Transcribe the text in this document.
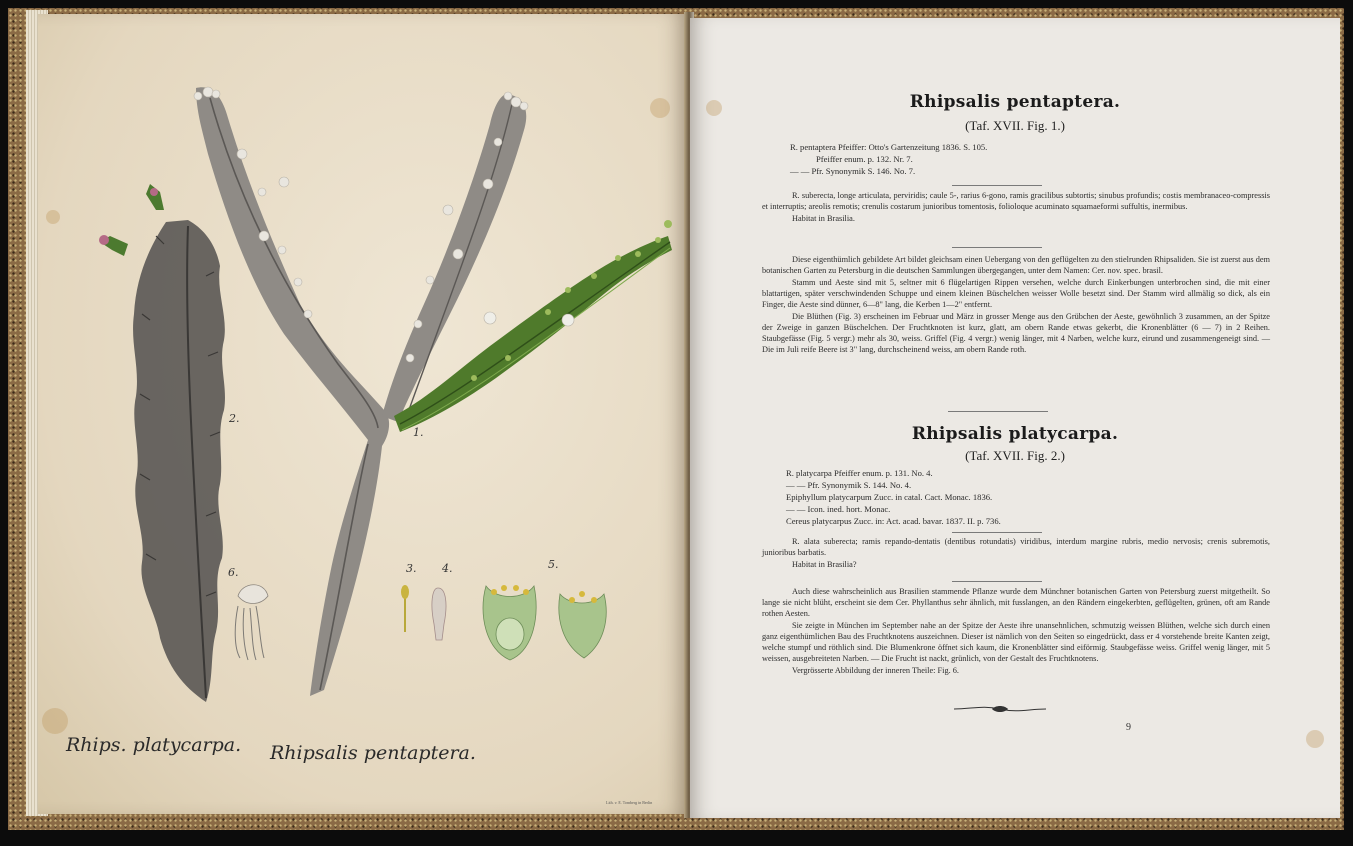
2.
1.
3. 4.	5.
6.
Rhips. platycarpa. Rhipsalis pentaptera.
Lith. v. E. Tomberg in Berlin
Rhipsalis pentaptera.
(Taf. XVII. Fig. 1.)
R. pentaptera Pfeiffer: Otto's Gartenzeitung 1836. S. 105.
Pfeiffer enum. p. 132. Nr. 7.
— — Pfr. Synonymik S. 146. No. 7.

R. suberecta, longe articulata, perviridis; caule 5-, rarius 6-gono, ramis gracilibus subtortis; sinubus profundis; costis membranaceo-compressis et interruptis; areolis remotis; crenulis costarum junioribus tomentosis, folioloque acuminato squamaeformi suffultis, inermibus.

Habitat in Brasilia.

Diese eigenthümlich gebildete Art bildet gleichsam einen Uebergang von den geflügelten zu den stielrunden Rhipsaliden. Sie ist zuerst aus dem botanischen Garten zu Petersburg in die deutschen Sammlungen übergegangen, unter dem Namen: Cer. nov. spec. brasil.

Stamm und Aeste sind mit 5, seltner mit 6 flügelartigen Rippen versehen, welche durch Einkerbungen unterbrochen sind, die mit einer blattartigen, später verschwindenden Schuppe und einem kleinen Büschelchen weisser Wolle besetzt sind. Der Stamm wird allmälig so dick, als ein Finger, die Aeste sind dünner, 6—8" lang, die Kerben 1—2" entfernt.

Die Blüthen (Fig. 3) erscheinen im Februar und März in grosser Menge aus den Grübchen der Aeste, gewöhnlich 3 zusammen, an der Spitze der Zweige in ganzen Büschelchen. Der Fruchtknoten ist kurz, glatt, am obern Rande etwas gekerbt, die Kronenblätter (6 — 7) in 2 Reihen. Staubgefässe (Fig. 5 vergr.) mehr als 30, weiss. Griffel (Fig. 4 vergr.) wenig länger, mit 4 Narben, welche kurz, eirund und zusammengeneigt sind. — Die im Juli reife Beere ist 3" lang, durchscheinend weiss, am obern Rande roth.

Rhipsalis platycarpa.
(Taf. XVII. Fig. 2.)
R. platycarpa Pfeiffer enum. p. 131. No. 4.
— — Pfr. Synonymik S. 144. No. 4.
Epiphyllum platycarpum Zucc. in catal. Cact. Monac. 1836.
— — Icon. ined. hort. Monac.
Cereus platycarpus Zucc. in: Act. acad. bavar. 1837. II. p. 736.

R. alata suberecta; ramis repando-dentatis (dentibus rotundatis) viridibus, interdum margine rubris, medio nervosis; crenis subremotis, junioribus barbatis.

Habitat in Brasilia?

Auch diese wahrscheinlich aus Brasilien stammende Pflanze wurde dem Münchner botanischen Garten von Petersburg zuerst mitgetheilt. So lange sie nicht blüht, erscheint sie dem Cer. Phyllanthus sehr ähnlich, mit fusslangen, an den Rändern eingekerbten, geflügelten, grünen, oft am Rande rothen Aesten.

Sie zeigte in München im September nahe an der Spitze der Aeste ihre unansehnlichen, schmutzig weissen Blüthen, welche sich durch einen ganz eigenthümlichen Bau des Fruchtknotens auszeichnen. Dieser ist nämlich von den Seiten so eingedrückt, dass er 4 vorstehende breite Kanten zeigt, welche stumpf und röthlich sind. Die Blumenkrone öffnet sich kaum, die Kronenblätter sind eiförmig. Staubgefässe weiss. Griffel wenig länger, mit 5 weissen, ausgebreiteten Narben. — Die Frucht ist nackt, grünlich, von der Gestalt des Fruchtknotens.

Vergrösserte Abbildung der inneren Theile: Fig. 6.

9
